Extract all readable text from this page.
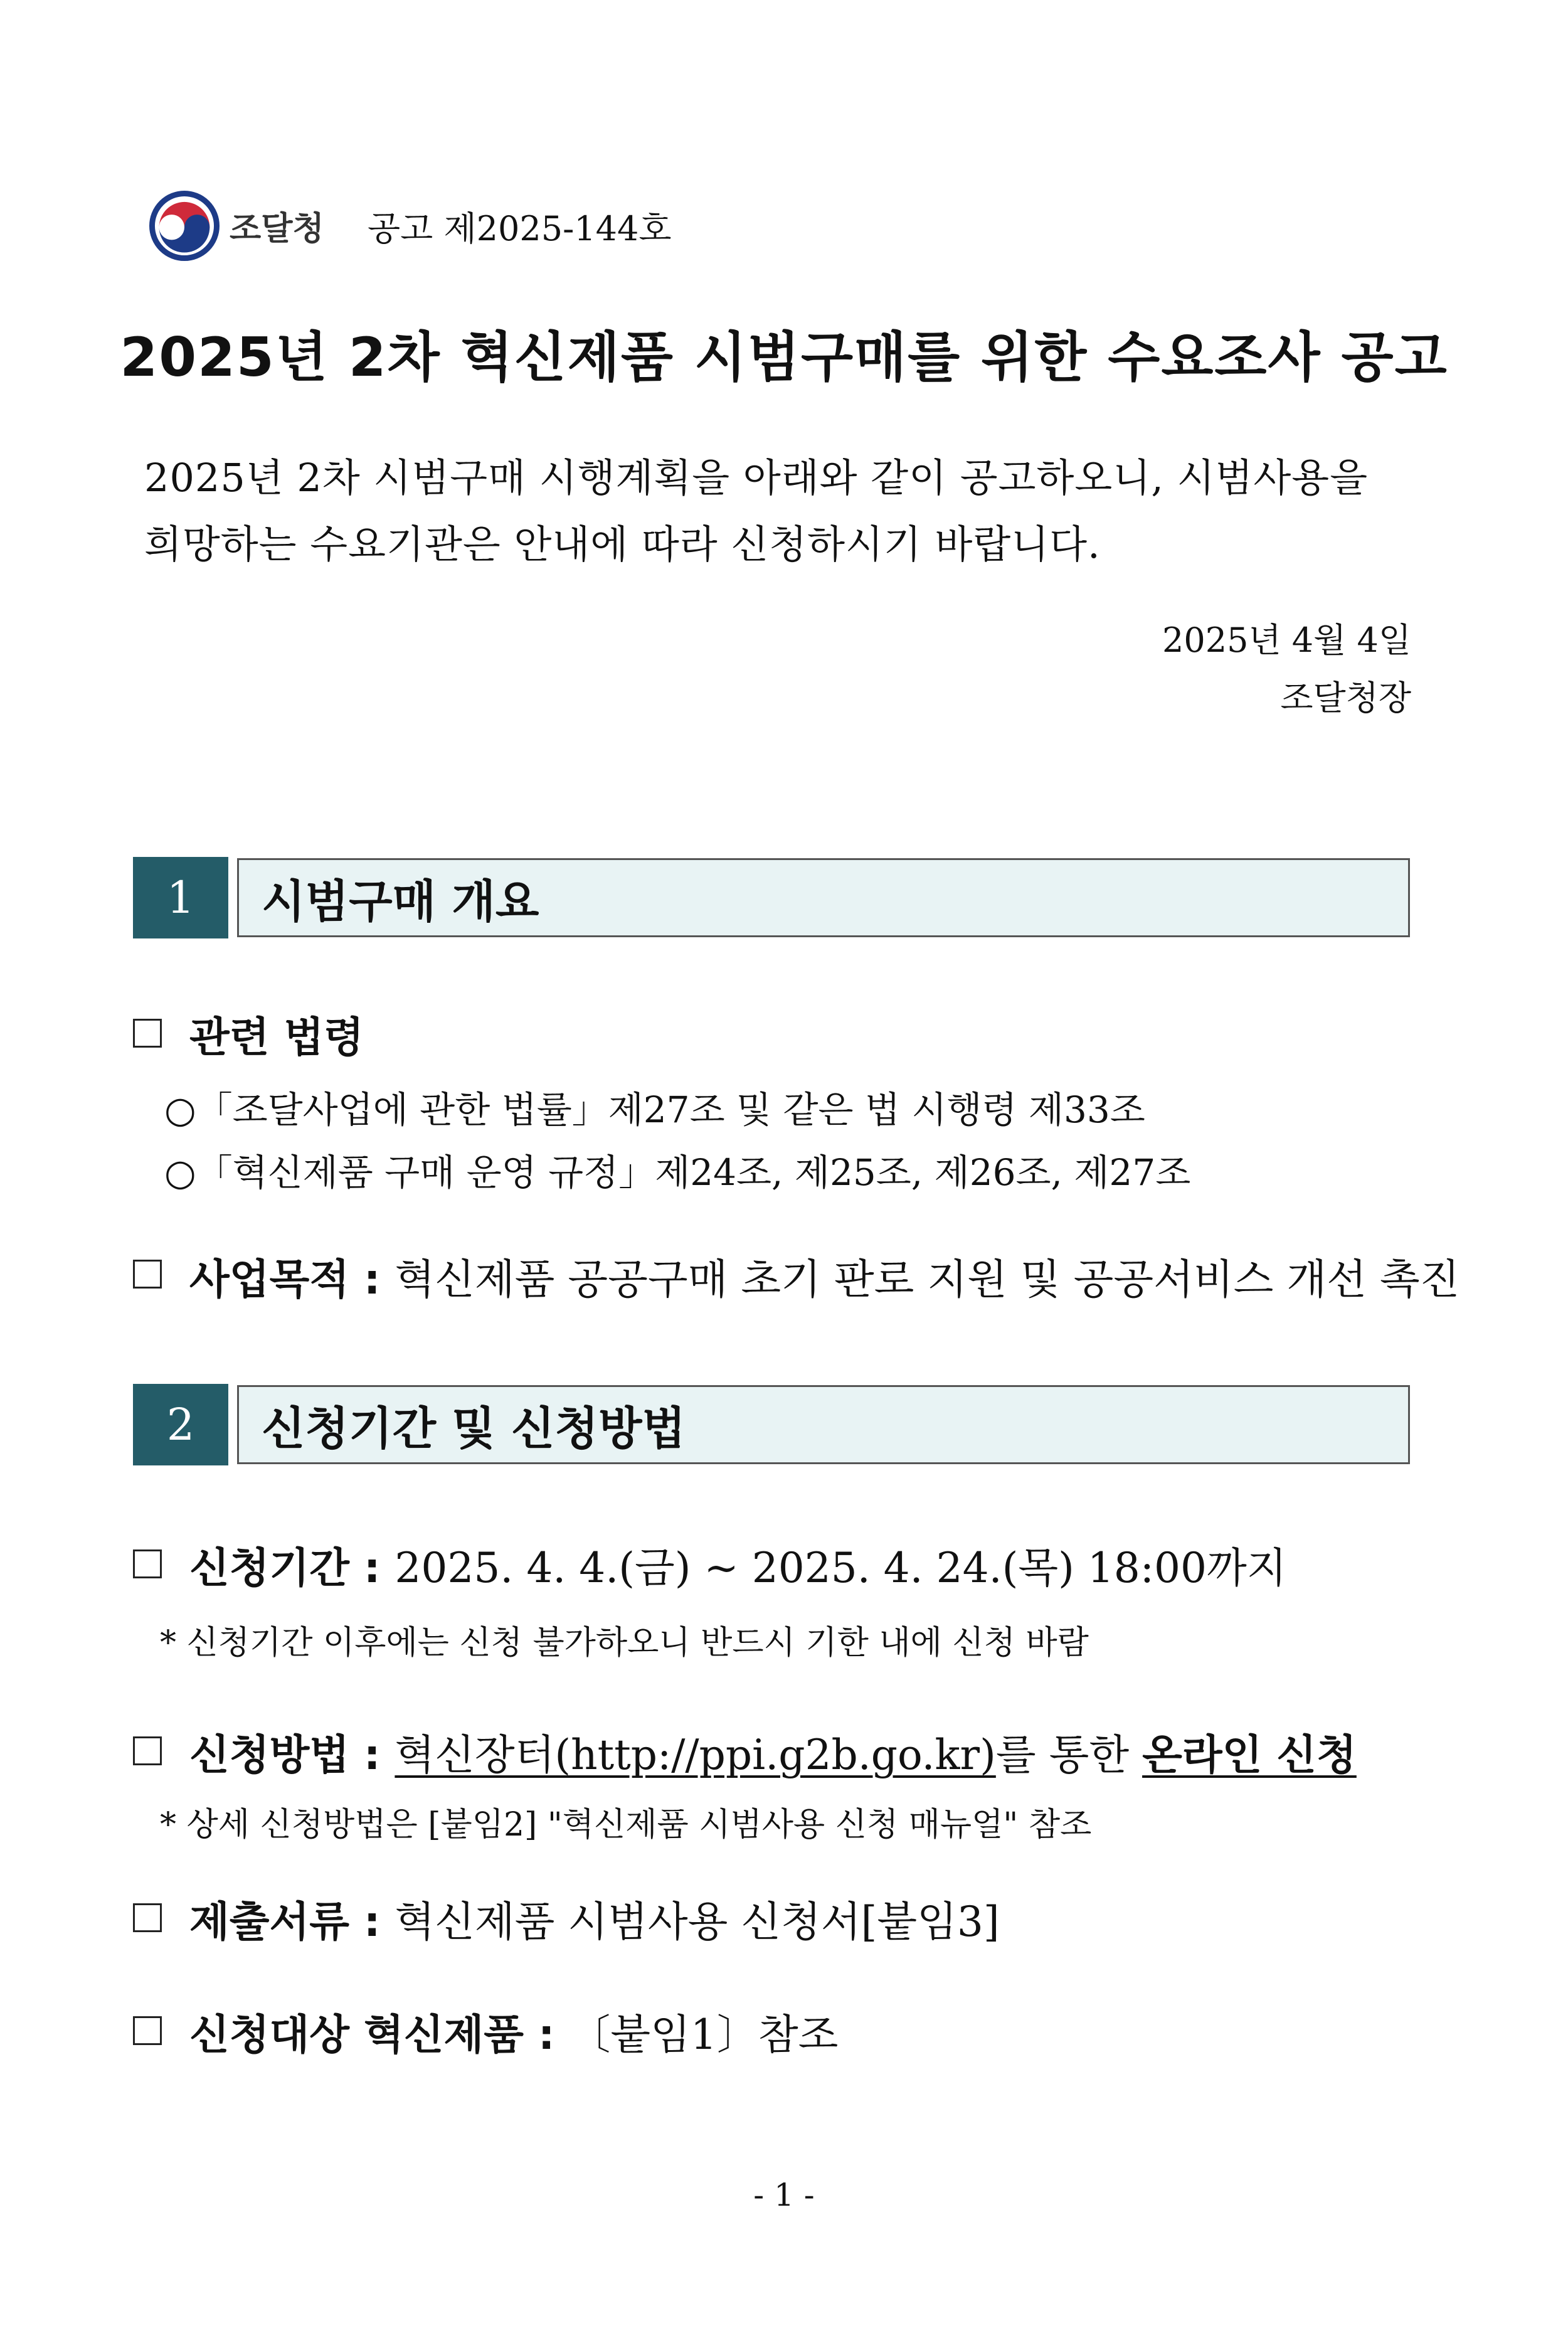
조달청 공고 제2025-144호
2025년 2차 혁신제품 시범구매를 위한 수요조사 공고
2025년 2차 시범구매 시행계획을 아래와 같이 공고하오니, 시범사용을
희망하는 수요기관은 안내에 따라 신청하시기 바랍니다.
2025년 4월 4일
조달청장
1	시범구매 개요
관련 법령
○「조달사업에 관한 법률」제27조 및 같은 법 시행령 제33조
○「혁신제품 구매 운영 규정」제24조, 제25조, 제26조, 제27조
사업목적 : 혁신제품 공공구매 초기 판로 지원 및 공공서비스 개선 촉진
2	신청기간 및 신청방법
신청기간 : 2025. 4. 4.(금) ~ 2025. 4. 24.(목) 18:00까지
* 신청기간 이후에는 신청 불가하오니 반드시 기한 내에 신청 바람
신청방법 : 혁신장터(http://ppi.g2b.go.kr)를 통한 온라인 신청
* 상세 신청방법은 [붙임2] "혁신제품 시범사용 신청 매뉴얼" 참조
제출서류 : 혁신제품 시범사용 신청서[붙임3]
신청대상 혁신제품 : 〔붙임1〕참조
- 1 -
